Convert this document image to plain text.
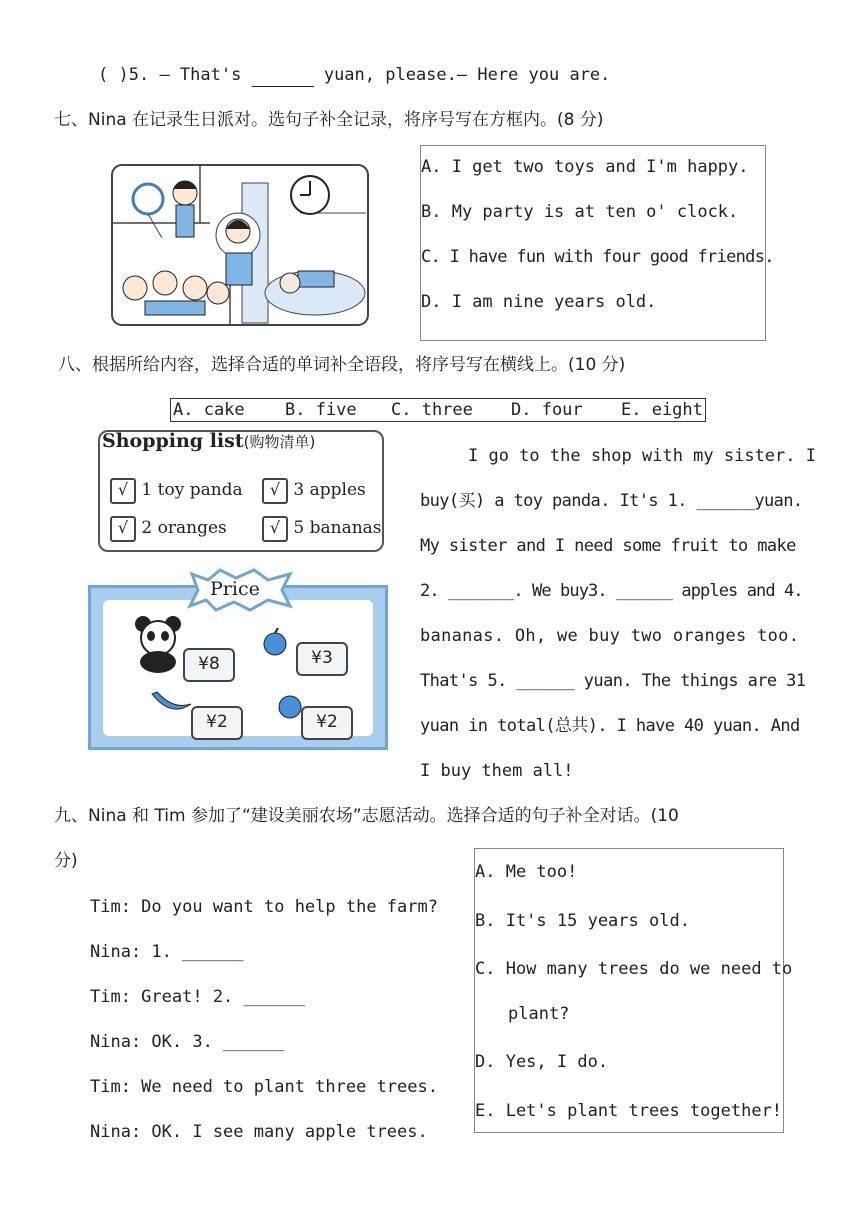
( )5. — That's	yuan, please.— Here you are.
七、Nina 在记录生日派对。选句子补全记录，将序号写在方框内。(8 分)
A. I get two toys and I'm happy.
B. My party is at ten o' clock.
C. I have fun with four good friends.
D. I am nine years old.
八、根据所给内容，选择合适的单词补全语段，将序号写在横线上。(10 分)
A. cake B. five C. three D. four E. eight
Shopping list(购物清单)
√ 1 toy panda	√ 3 apples
√ 2 oranges	√ 5 bananas
¥8	¥3
¥2	¥2
Price
I go to the shop with my sister. I
buy(买) a toy panda. It's 1. ______yuan.
My sister and I need some fruit to make
2. _______. We buy3. ______ apples and 4.
bananas. Oh, we buy two oranges too.
That's 5. ______ yuan. The things are 31
yuan in total(总共). I have 40 yuan. And
I buy them all!
九、Nina 和 Tim 参加了“建设美丽农场”志愿活动。选择合适的句子补全对话。(10
分)
Tim: Do you want to help the farm?
Nina: 1. ______
Tim: Great! 2. ______
Nina: OK. 3. ______
Tim: We need to plant three trees.
Nina: OK. I see many apple trees.
A. Me too!
B. It's 15 years old.
C. How many trees do we need to
plant?
D. Yes, I do.
E. Let's plant trees together!
